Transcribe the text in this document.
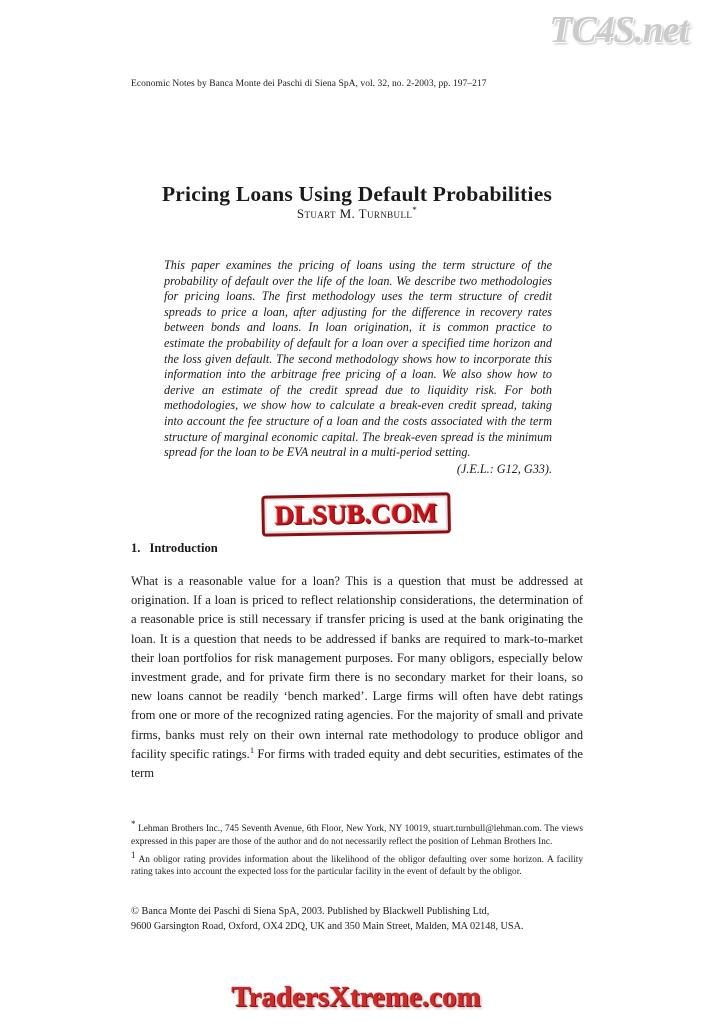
TC4S.net
Economic Notes by Banca Monte dei Paschi di Siena SpA, vol. 32, no. 2-2003, pp. 197–217
Pricing Loans Using Default Probabilities
Stuart M. Turnbull*
This paper examines the pricing of loans using the term structure of the probability of default over the life of the loan. We describe two methodologies for pricing loans. The first methodology uses the term structure of credit spreads to price a loan, after adjusting for the difference in recovery rates between bonds and loans. In loan origination, it is common practice to estimate the probability of default for a loan over a specified time horizon and the loss given default. The second methodology shows how to incorporate this information into the arbitrage free pricing of a loan. We also show how to derive an estimate of the credit spread due to liquidity risk. For both methodologies, we show how to calculate a break-even credit spread, taking into account the fee structure of a loan and the costs associated with the term structure of marginal economic capital. The break-even spread is the minimum spread for the loan to be EVA neutral in a multi-period setting.
(J.E.L.: G12, G33).
1. Introduction
What is a reasonable value for a loan? This is a question that must be addressed at origination. If a loan is priced to reflect relationship considerations, the determination of a reasonable price is still necessary if transfer pricing is used at the bank originating the loan. It is a question that needs to be addressed if banks are required to mark-to-market their loan portfolios for risk management purposes. For many obligors, especially below investment grade, and for private firm there is no secondary market for their loans, so new loans cannot be readily ‘bench marked’. Large firms will often have debt ratings from one or more of the recognized rating agencies. For the majority of small and private firms, banks must rely on their own internal rate methodology to produce obligor and facility specific ratings.$^1$ For firms with traded equity and debt securities, estimates of the term
* Lehman Brothers Inc., 745 Seventh Avenue, 6th Floor, New York, NY 10019, stuart.turnbull@lehman.com. The views expressed in this paper are those of the author and do not necessarily reflect the position of Lehman Brothers Inc.
1 An obligor rating provides information about the likelihood of the obligor defaulting over some horizon. A facility rating takes into account the expected loss for the particular facility in the event of default by the obligor.
© Banca Monte dei Paschi di Siena SpA, 2003. Published by Blackwell Publishing Ltd,
9600 Garsington Road, Oxford, OX4 2DQ, UK and 350 Main Street, Malden, MA 02148, USA.
DLSUB.COM
TradersXtreme.com
